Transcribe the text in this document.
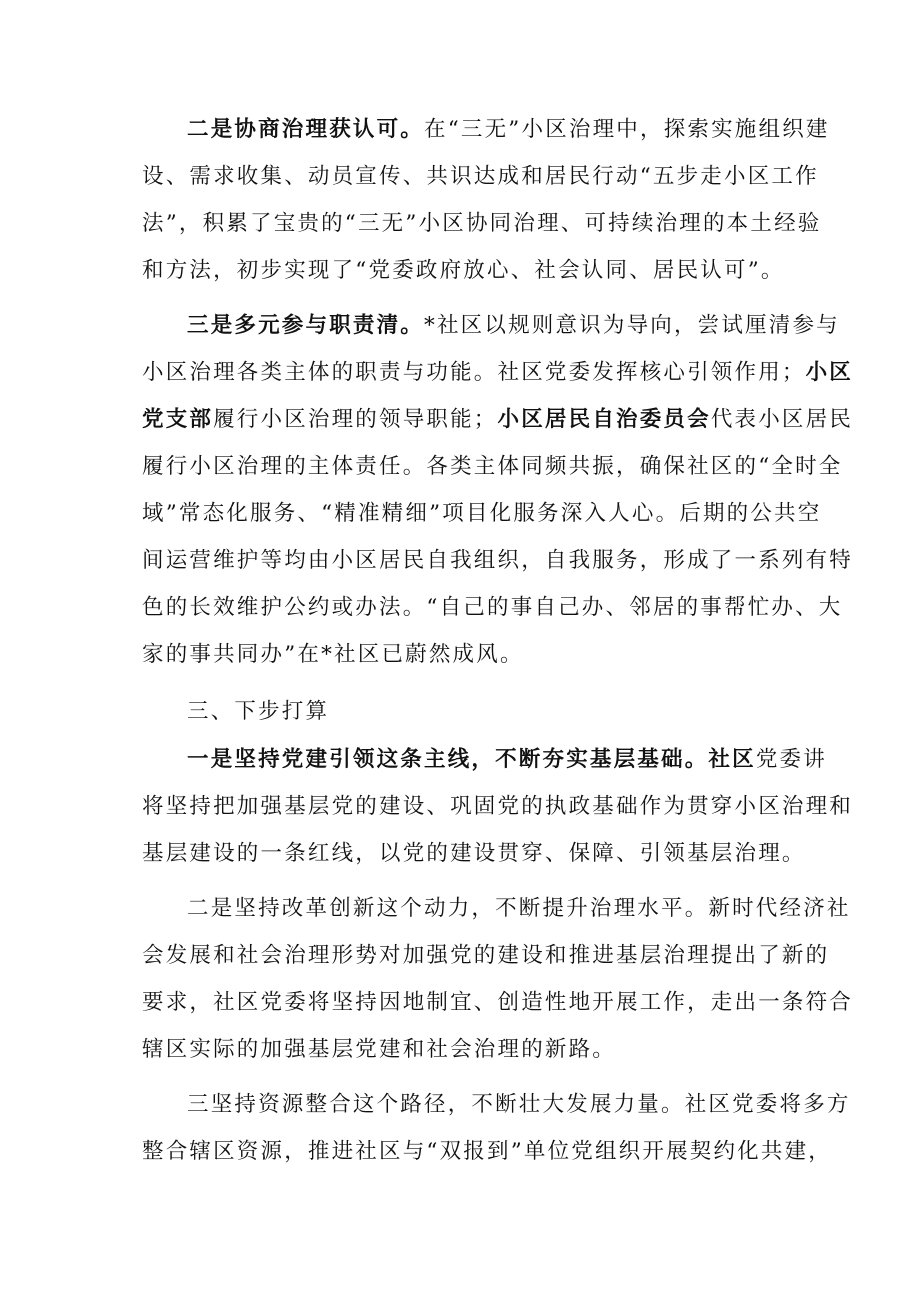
二是协商治理获认可。在“三无”小区治理中，探索实施组织建
设、需求收集、动员宣传、共识达成和居民行动“五步走小区工作
法”，积累了宝贵的“三无”小区协同治理、可持续治理的本土经验
和方法，初步实现了“党委政府放心、社会认同、居民认可”。
三是多元参与职责清。*社区以规则意识为导向，尝试厘清参与
小区治理各类主体的职责与功能。社区党委发挥核心引领作用；小区
党支部履行小区治理的领导职能；小区居民自治委员会代表小区居民
履行小区治理的主体责任。各类主体同频共振，确保社区的“全时全
域”常态化服务、“精准精细”项目化服务深入人心。后期的公共空
间运营维护等均由小区居民自我组织，自我服务，形成了一系列有特
色的长效维护公约或办法。“自己的事自己办、邻居的事帮忙办、大
家的事共同办”在*社区已蔚然成风。
三、下步打算
一是坚持党建引领这条主线，不断夯实基层基础。社区党委讲
将坚持把加强基层党的建设、巩固党的执政基础作为贯穿小区治理和
基层建设的一条红线，以党的建设贯穿、保障、引领基层治理。
二是坚持改革创新这个动力，不断提升治理水平。新时代经济社
会发展和社会治理形势对加强党的建设和推进基层治理提出了新的
要求，社区党委将坚持因地制宜、创造性地开展工作，走出一条符合
辖区实际的加强基层党建和社会治理的新路。
三坚持资源整合这个路径，不断壮大发展力量。社区党委将多方
整合辖区资源，推进社区与“双报到”单位党组织开展契约化共建，
